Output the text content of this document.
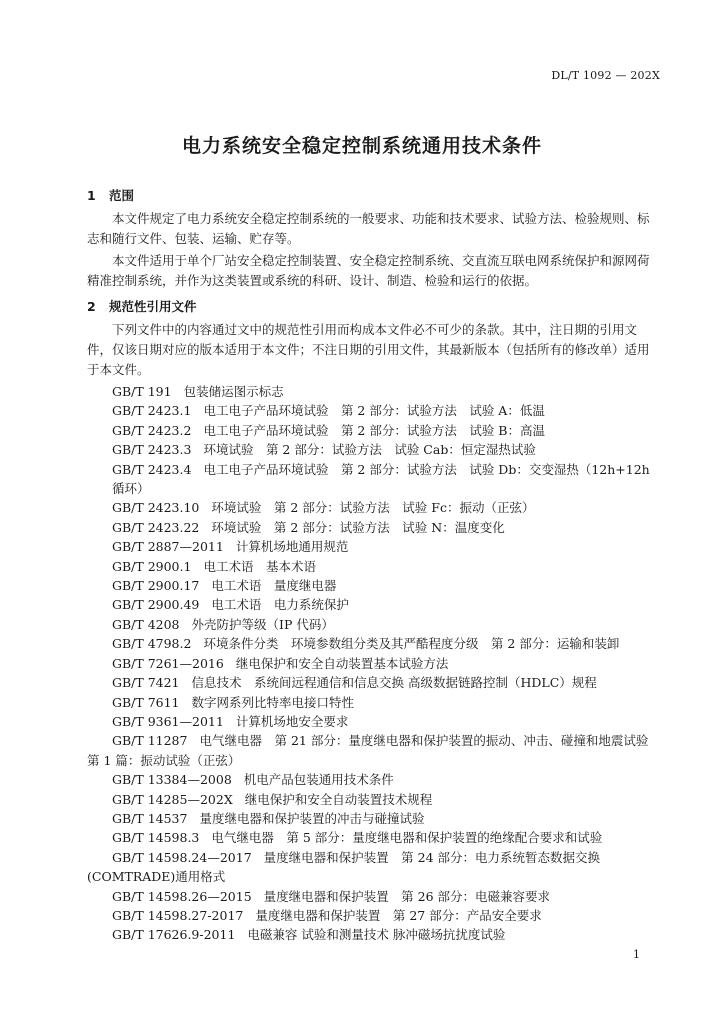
DL/T 1092 — 202X
电力系统安全稳定控制系统通用技术条件
1 范围
本文件规定了电力系统安全稳定控制系统的一般要求、功能和技术要求、试验方法、检验规则、标志和随行文件、包装、运输、贮存等。
本文件适用于单个厂站安全稳定控制装置、安全稳定控制系统、交直流互联电网系统保护和源网荷精准控制系统，并作为这类装置或系统的科研、设计、制造、检验和运行的依据。
2 规范性引用文件
下列文件中的内容通过文中的规范性引用而构成本文件必不可少的条款。其中，注日期的引用文件，仅该日期对应的版本适用于本文件；不注日期的引用文件，其最新版本（包括所有的修改单）适用于本文件。
GB/T 191 包装储运图示标志
GB/T 2423.1 电工电子产品环境试验　第 2 部分：试验方法　试验 A：低温
GB/T 2423.2 电工电子产品环境试验　第 2 部分：试验方法　试验 B：高温
GB/T 2423.3 环境试验　第 2 部分：试验方法　试验 Cab：恒定湿热试验
GB/T 2423.4 电工电子产品环境试验　第 2 部分：试验方法　试验 Db：交变湿热（12h+12h 循环）
GB/T 2423.10 环境试验　第 2 部分：试验方法　试验 Fc：振动（正弦）
GB/T 2423.22 环境试验　第 2 部分：试验方法　试验 N：温度变化
GB/T 2887—2011 计算机场地通用规范
GB/T 2900.1 电工术语　基本术语
GB/T 2900.17 电工术语　量度继电器
GB/T 2900.49 电工术语　电力系统保护
GB/T 4208 外壳防护等级（IP 代码）
GB/T 4798.2 环境条件分类　环境参数组分类及其严酷程度分级　第 2 部分：运输和装卸
GB/T 7261—2016 继电保护和安全自动装置基本试验方法
GB/T 7421 信息技术　系统间远程通信和信息交换 高级数据链路控制（HDLC）规程
GB/T 7611 数字网系列比特率电接口特性
GB/T 9361—2011 计算机场地安全要求
GB/T 11287 电气继电器　第 21 部分：量度继电器和保护装置的振动、冲击、碰撞和地震试验　第 1 篇：振动试验（正弦）
GB/T 13384—2008 机电产品包装通用技术条件
GB/T 14285—202X 继电保护和安全自动装置技术规程
GB/T 14537 量度继电器和保护装置的冲击与碰撞试验
GB/T 14598.3 电气继电器　第 5 部分：量度继电器和保护装置的绝缘配合要求和试验
GB/T 14598.24—2017 量度继电器和保护装置　第 24 部分：电力系统暂态数据交换(COMTRADE)通用格式
GB/T 14598.26—2015 量度继电器和保护装置　第 26 部分：电磁兼容要求
GB/T 14598.27-2017 量度继电器和保护装置　第 27 部分：产品安全要求
GB/T 17626.9-2011 电磁兼容 试验和测量技术 脉冲磁场抗扰度试验
1
